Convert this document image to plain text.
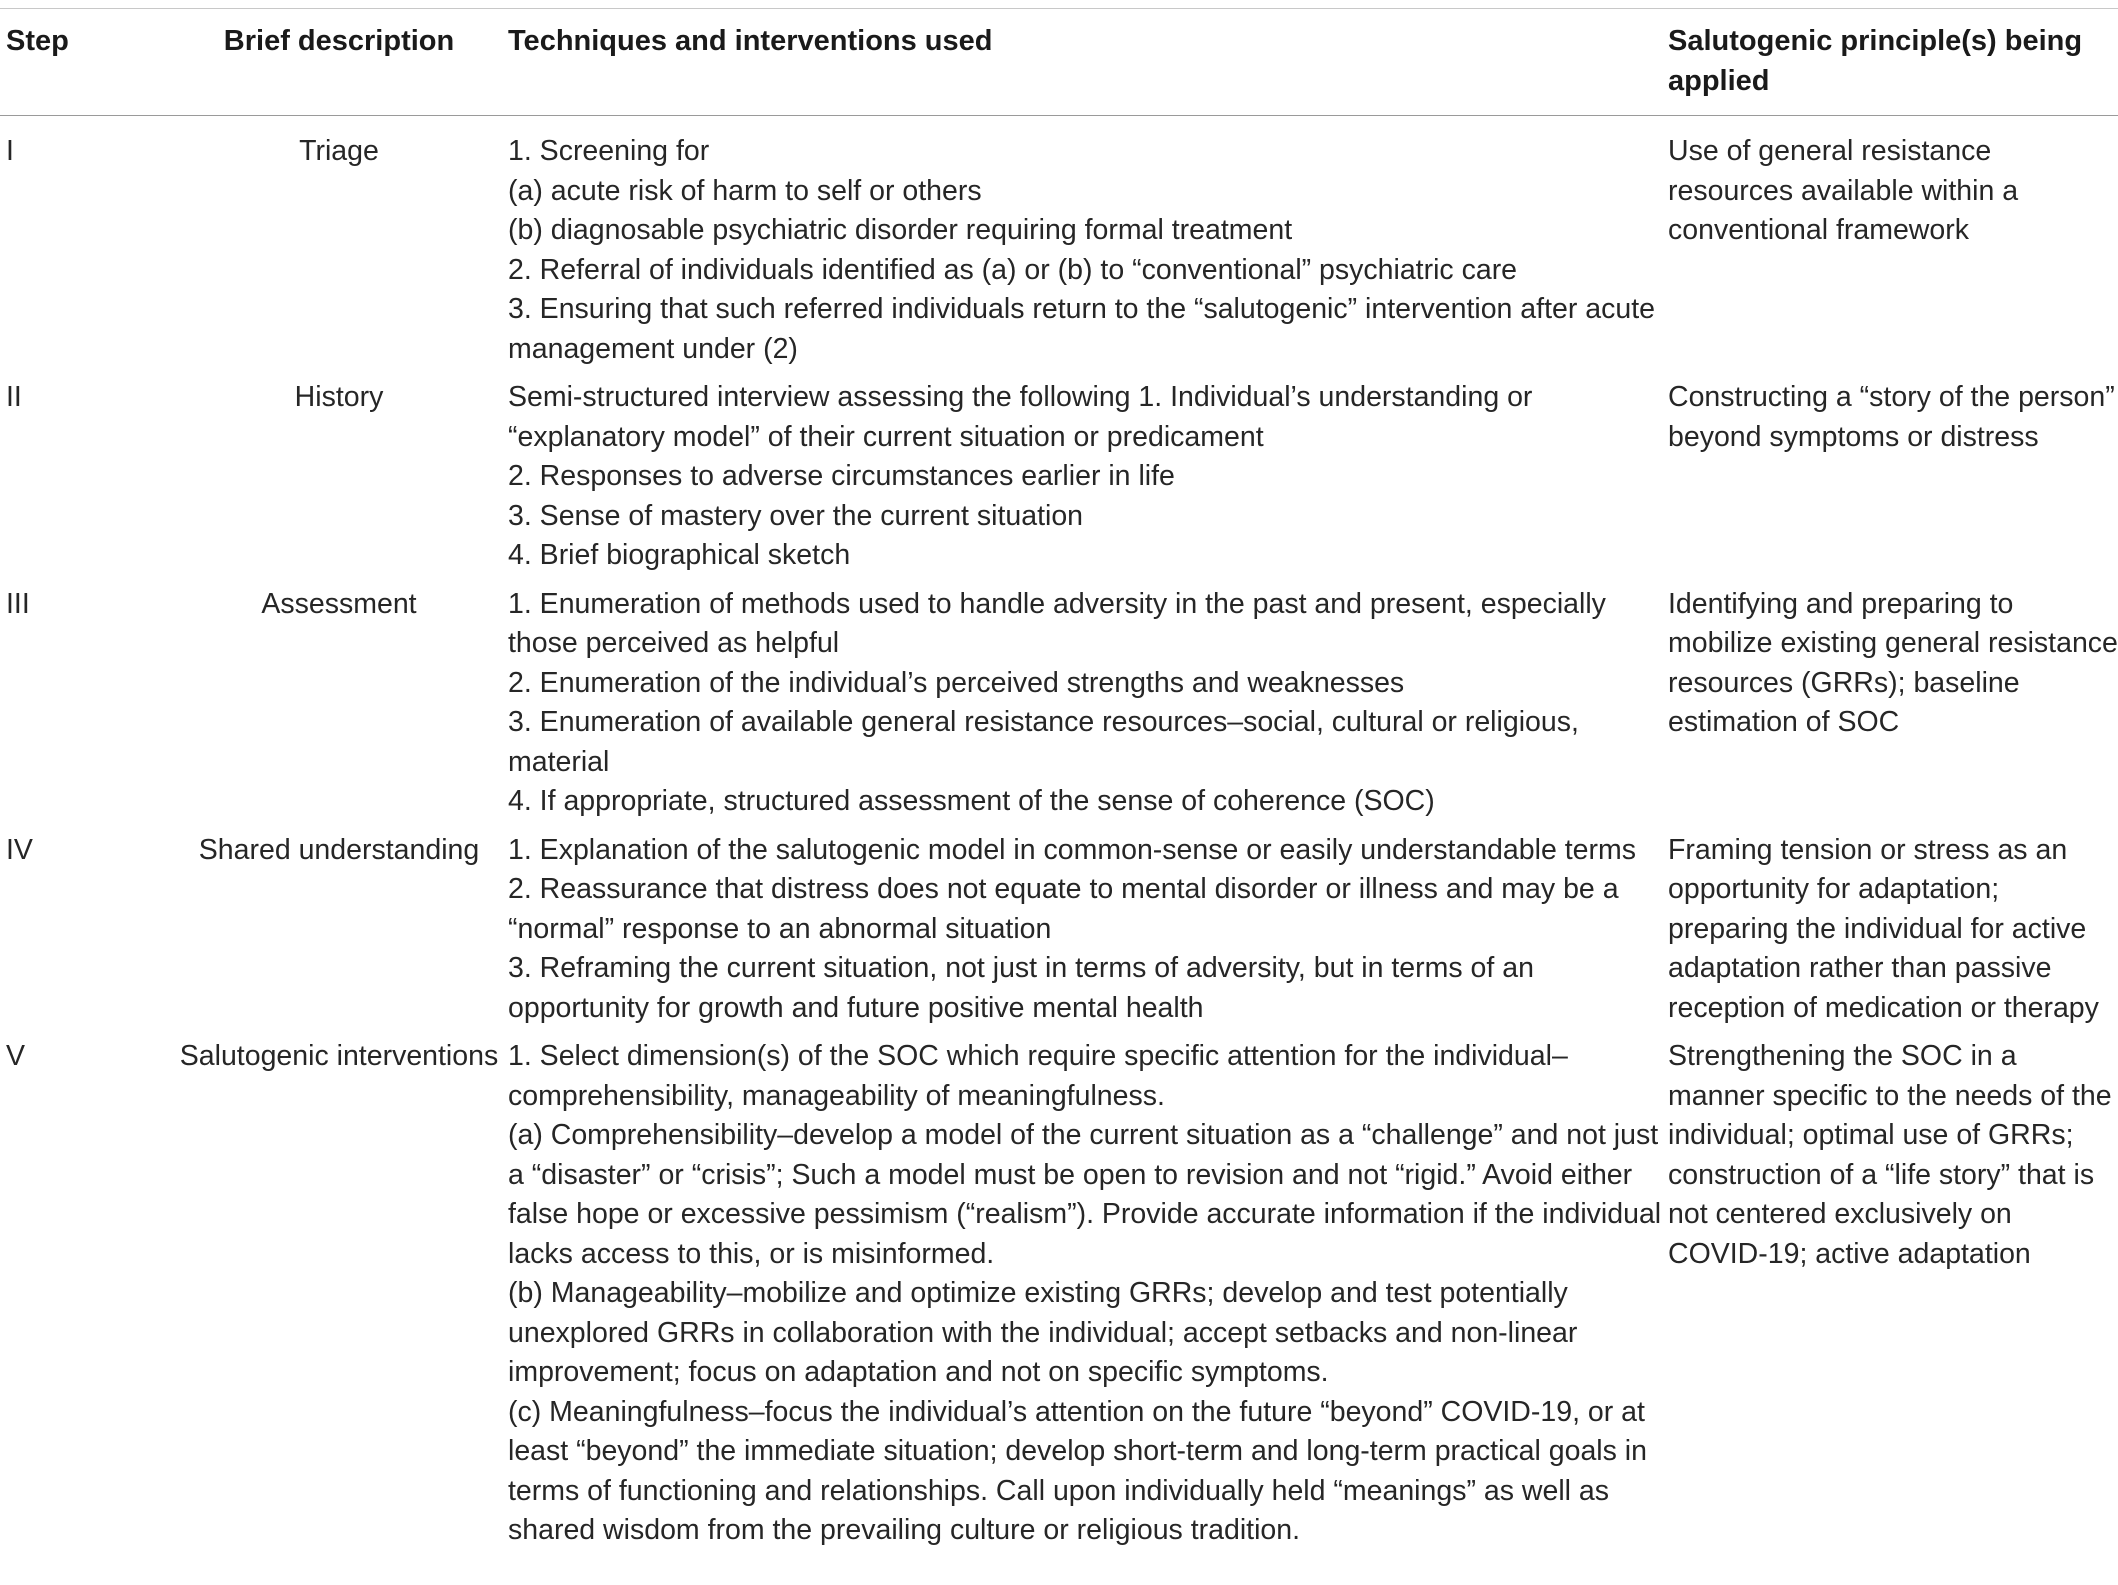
Step	Brief description	Techniques and interventions used	Salutogenic principle(s) being applied
I	Triage	1. Screening for
(a) acute risk of harm to self or others
(b) diagnosable psychiatric disorder requiring formal treatment
2. Referral of individuals identified as (a) or (b) to “conventional” psychiatric care
3. Ensuring that such referred individuals return to the “salutogenic” intervention after acute management under (2)	Use of general resistance resources available within a conventional framework
II	History	Semi-structured interview assessing the following 1. Individual’s understanding or “explanatory model” of their current situation or predicament
2. Responses to adverse circumstances earlier in life
3. Sense of mastery over the current situation
4. Brief biographical sketch	Constructing a “story of the person” beyond symptoms or distress
III	Assessment	1. Enumeration of methods used to handle adversity in the past and present, especially those perceived as helpful
2. Enumeration of the individual’s perceived strengths and weaknesses
3. Enumeration of available general resistance resources–social, cultural or religious, material
4. If appropriate, structured assessment of the sense of coherence (SOC)	Identifying and preparing to mobilize existing general resistance resources (GRRs); baseline estimation of SOC
IV	Shared understanding	1. Explanation of the salutogenic model in common-sense or easily understandable terms
2. Reassurance that distress does not equate to mental disorder or illness and may be a “normal” response to an abnormal situation
3. Reframing the current situation, not just in terms of adversity, but in terms of an opportunity for growth and future positive mental health	Framing tension or stress as an opportunity for adaptation; preparing the individual for active adaptation rather than passive reception of medication or therapy
V	Salutogenic interventions	1. Select dimension(s) of the SOC which require specific attention for the individual–comprehensibility, manageability of meaningfulness.
(a) Comprehensibility–develop a model of the current situation as a “challenge” and not just a “disaster” or “crisis”; Such a model must be open to revision and not “rigid.” Avoid either false hope or excessive pessimism (“realism”). Provide accurate information if the individual lacks access to this, or is misinformed.
(b) Manageability–mobilize and optimize existing GRRs; develop and test potentially unexplored GRRs in collaboration with the individual; accept setbacks and non-linear improvement; focus on adaptation and not on specific symptoms.
(c) Meaningfulness–focus the individual’s attention on the future “beyond” COVID-19, or at least “beyond” the immediate situation; develop short-term and long-term practical goals in terms of functioning and relationships. Call upon individually held “meanings” as well as shared wisdom from the prevailing culture or religious tradition.	Strengthening the SOC in a manner specific to the needs of the individual; optimal use of GRRs; construction of a “life story” that is not centered exclusively on COVID-19; active adaptation
